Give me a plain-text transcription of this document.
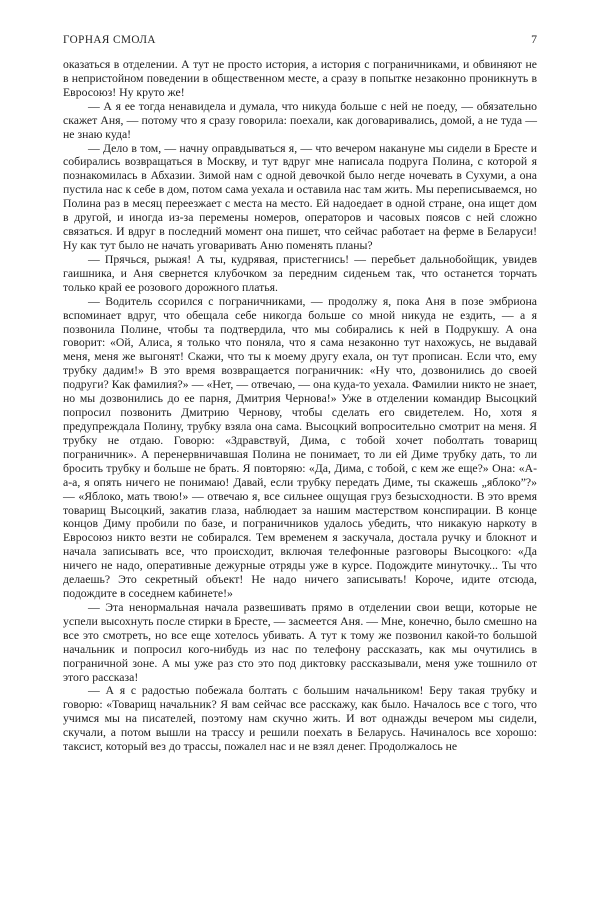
ГОРНАЯ СМОЛА	7

оказаться в отделении. А тут не просто история, а история с пограничниками, и обвиняют не в непристойном поведении в общественном месте, а сразу в попытке незаконно проникнуть в Евросоюз! Ну круто же!

— А я ее тогда ненавидела и думала, что никуда больше с ней не поеду, — обязательно скажет Аня, — потому что я сразу говорила: поехали, как договаривались, домой, а не туда — не знаю куда!

— Дело в том, — начну оправдываться я, — что вечером накануне мы сидели в Бресте и собирались возвращаться в Москву, и тут вдруг мне написала подруга Полина, с которой я познакомилась в Абхазии. Зимой нам с одной девочкой было негде ночевать в Сухуми, а она пустила нас к себе в дом, потом сама уехала и оставила нас там жить. Мы переписываемся, но Полина раз в месяц переезжает с места на место. Ей надоедает в одной стране, она ищет дом в другой, и иногда из-за перемены номеров, операторов и часовых поясов с ней сложно связаться. И вдруг в последний момент она пишет, что сейчас работает на ферме в Беларуси! Ну как тут было не начать уговаривать Аню поменять планы?

— Прячься, рыжая! А ты, кудрявая, пристегнись! — перебьет дальнобойщик, увидев гаишника, и Аня свернется клубочком за передним сиденьем так, что останется торчать только край ее розового дорожного платья.

— Водитель ссорился с пограничниками, — продолжу я, пока Аня в позе эмбриона вспоминает вдруг, что обещала себе никогда больше со мной никуда не ездить, — а я позвонила Полине, чтобы та подтвердила, что мы собирались к ней в Подрукшу. А она говорит: «Ой, Алиса, я только что поняла, что я сама незаконно тут нахожусь, не выдавай меня, меня же выгонят! Скажи, что ты к моему другу ехала, он тут прописан. Если что, ему трубку дадим!» В это время возвращается пограничник: «Ну что, дозвонились до своей подруги? Как фамилия?» — «Нет, — отвечаю, — она куда-то уехала. Фамилии никто не знает, но мы дозвонились до ее парня, Дмитрия Чернова!» Уже в отделении командир Высоцкий попросил позвонить Дмитрию Чернову, чтобы сделать его свидетелем. Но, хотя я предупреждала Полину, трубку взяла она сама. Высоцкий вопросительно смотрит на меня. Я трубку не отдаю. Говорю: «Здравствуй, Дима, с тобой хочет поболтать товарищ пограничник». А перенервничавшая Полина не понимает, то ли ей Диме трубку дать, то ли бросить трубку и больше не брать. Я повторяю: «Да, Дима, с тобой, с кем же еще?» Она: «А-а-а, я опять ничего не понимаю! Давай, если трубку передать Диме, ты скажешь „яблоко”?» — «Яблоко, мать твою!» — отвечаю я, все сильнее ощущая груз безысходности. В это время товарищ Высоцкий, закатив глаза, наблюдает за нашим мастерством конспирации. В конце концов Диму пробили по базе, и пограничников удалось убедить, что никакую наркоту в Евросоюз никто везти не собирался. Тем временем я заскучала, достала ручку и блокнот и начала записывать все, что происходит, включая телефонные разговоры Высоцкого: «Да ничего не надо, оперативные дежурные отряды уже в курсе. Подождите минуточку... Ты что делаешь? Это секретный объект! Не надо ничего записывать! Короче, идите отсюда, подождите в соседнем кабинете!»

— Эта ненормальная начала развешивать прямо в отделении свои вещи, которые не успели высохнуть после стирки в Бресте, — засмеется Аня. — Мне, конечно, было смешно на все это смотреть, но все еще хотелось убивать. А тут к тому же позвонил какой-то большой начальник и попросил кого-нибудь из нас по телефону рассказать, как мы очутились в пограничной зоне. А мы уже раз сто это под диктовку рассказывали, меня уже тошнило от этого рассказа!

— А я с радостью побежала болтать с большим начальником! Беру такая трубку и говорю: «Товарищ начальник? Я вам сейчас все расскажу, как было. Началось все с того, что учимся мы на писателей, поэтому нам скучно жить. И вот однажды вечером мы сидели, скучали, а потом вышли на трассу и решили поехать в Беларусь. Начиналось все хорошо: таксист, который вез до трассы, пожалел нас и не взял денег. Продолжалось не
